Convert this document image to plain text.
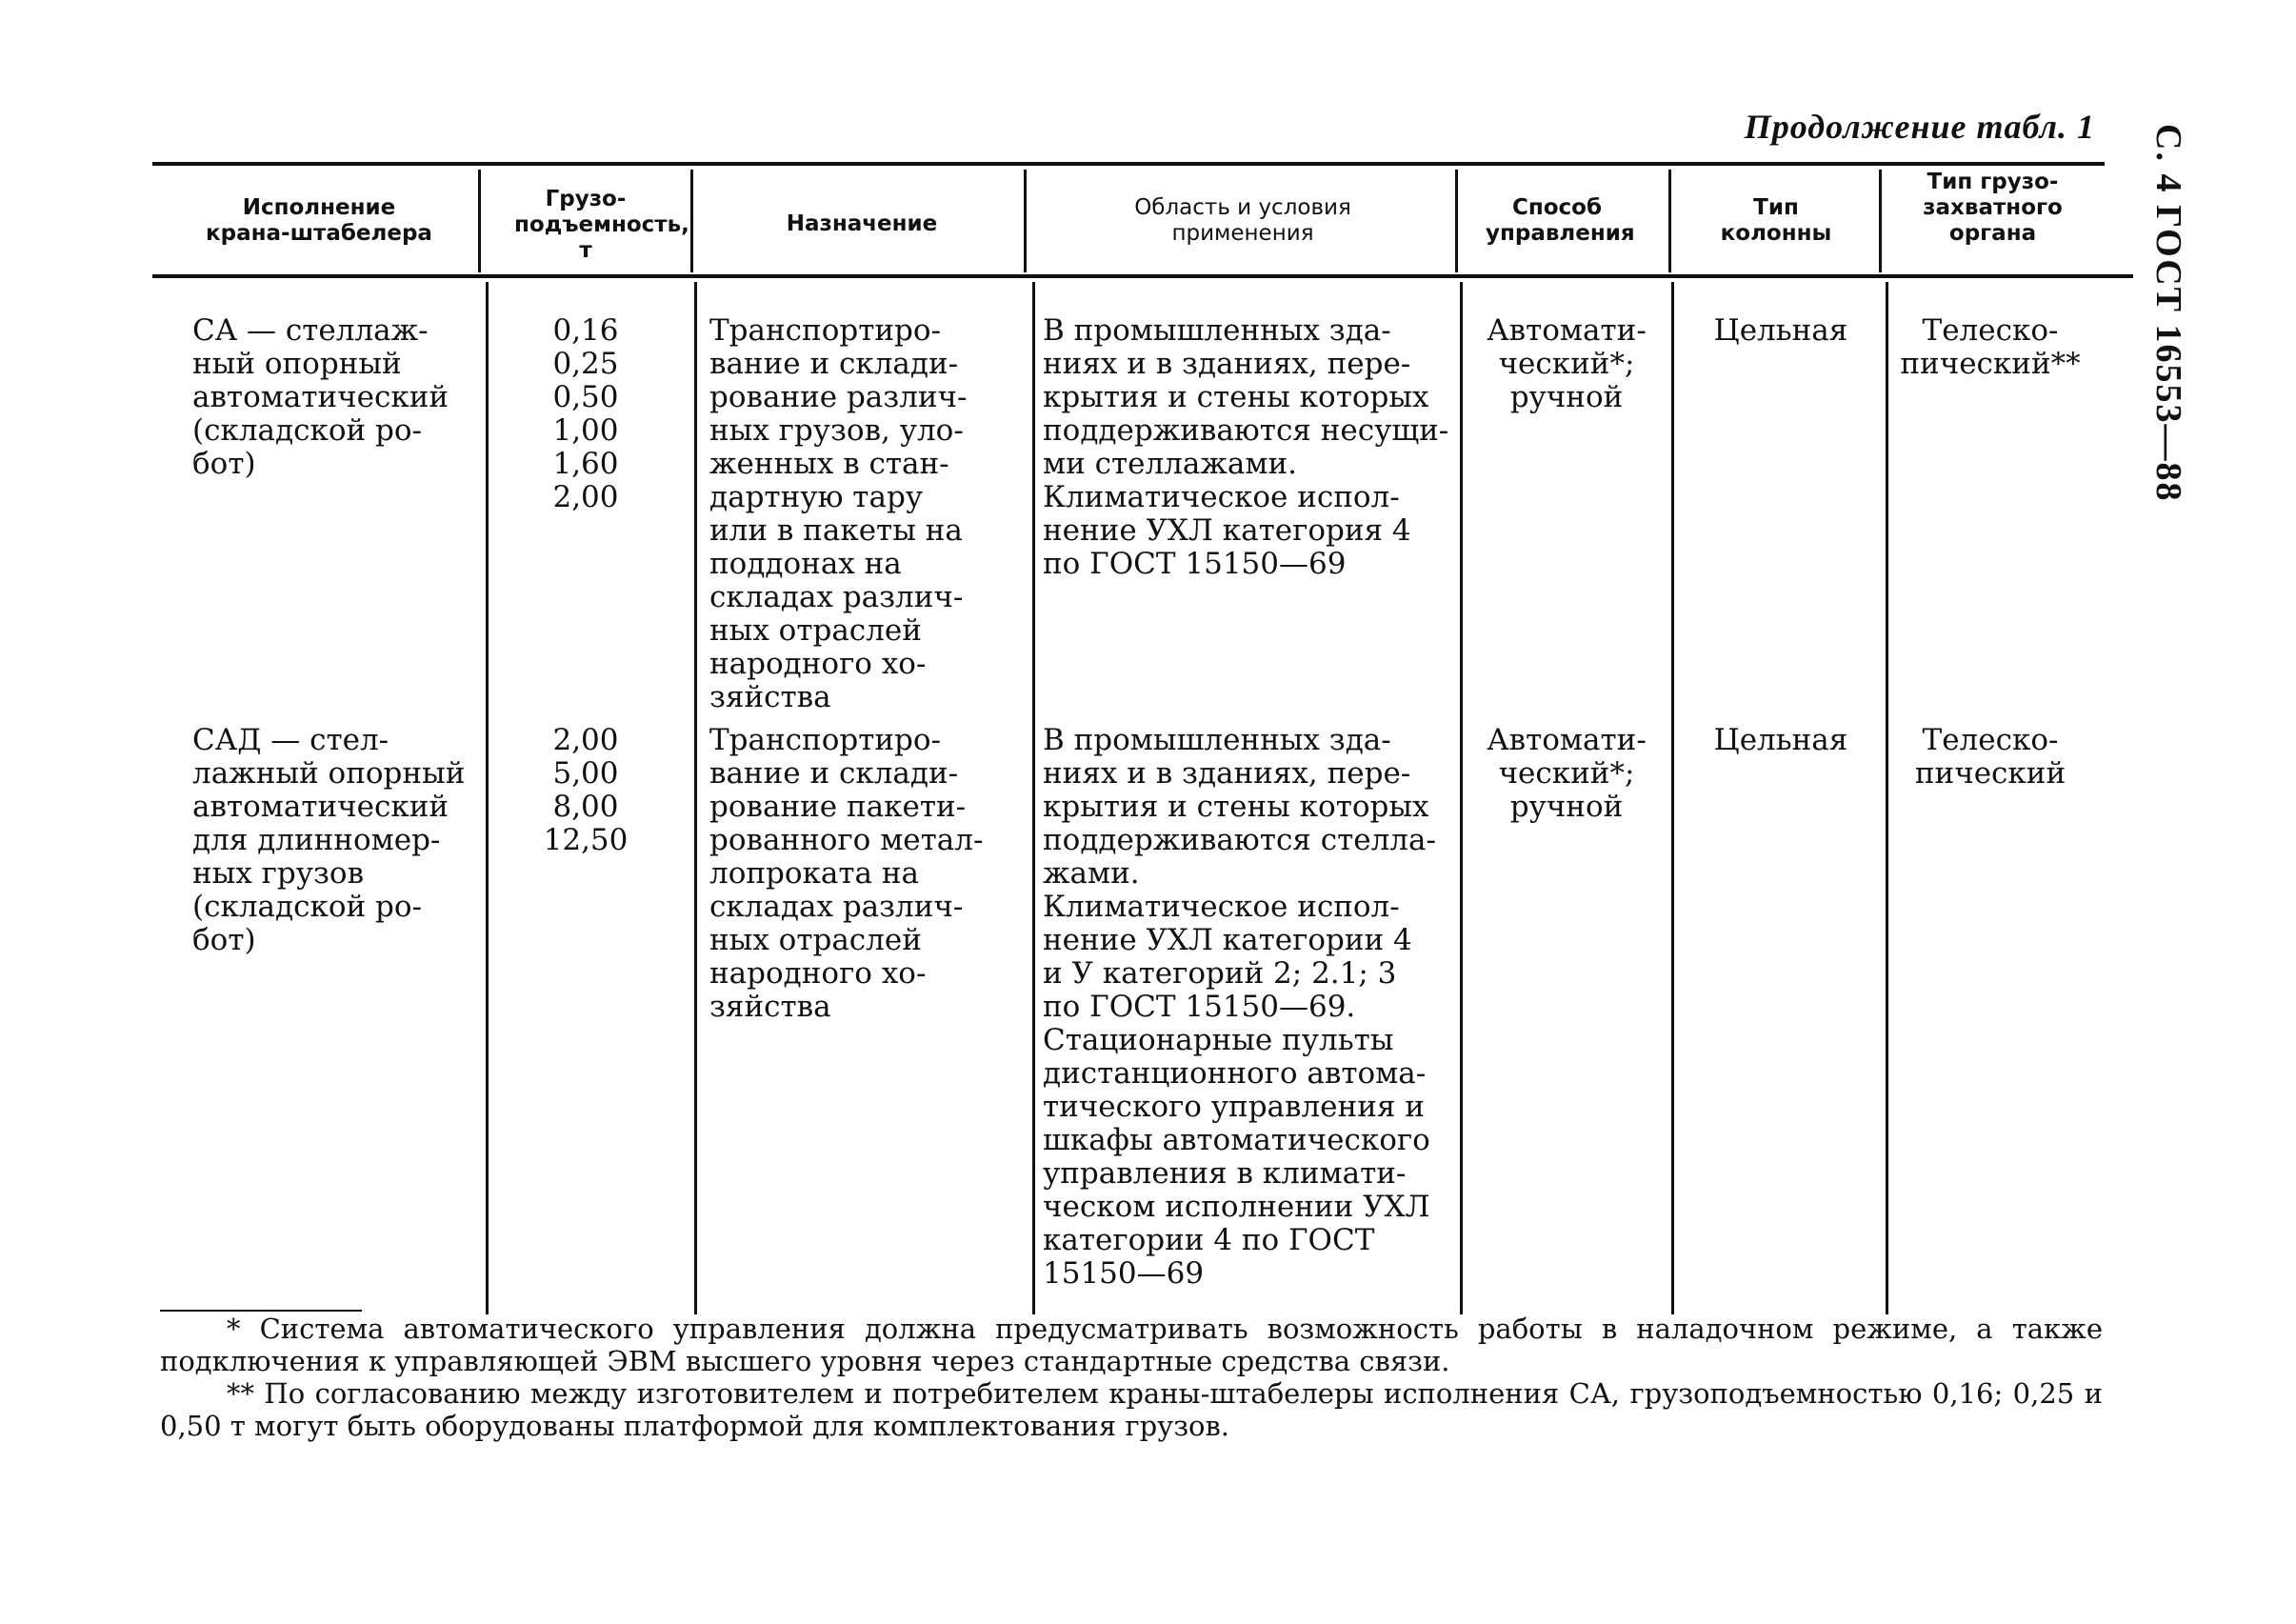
Продолжение табл. 1 С. 4 ГОСТ 16553—88
Исполнение крана-штабелера
Грузо-подъемность, т
Назначение
Область и условия применения
Способ управления
Тип колонны
Тип грузо-захватного органа
СА — стеллаж-
ный опорный
автоматический
(складской ро-
бот)
0,16
0,25
0,50
1,00
1,60
2,00
Транспортиро-
вание и склади-
рование различ-
ных грузов, уло-
женных в стан-
дартную тару
или в пакеты на
поддонах на
складах различ-
ных отраслей
народного хо-
зяйства
В промышленных зда-
ниях и в зданиях, пере-
крытия и стены которых
поддерживаются несущи-
ми стеллажами.
Климатическое испол-
нение УХЛ категория 4
по ГОСТ 15150—69
Автомати-
ческий*;
ручной
Цельная	Телеско-
пический**
САД — стел-
лажный опорный
автоматический
для длинномер-
ных грузов
(складской ро-
бот)
2,00
5,00
8,00
12,50
Транспортиро-
вание и склади-
рование пакети-
рованного метал-
лопроката на
складах различ-
ных отраслей
народного хо-
зяйства
В промышленных зда-
ниях и в зданиях, пере-
крытия и стены которых
поддерживаются стелла-
жами.
Климатическое испол-
нение УХЛ категории 4
и У категорий 2; 2.1; 3
по ГОСТ 15150—69.
Стационарные пульты
дистанционного автома-
тического управления и
шкафы автоматического
управления в климати-
ческом исполнении УХЛ
категории 4 по ГОСТ
15150—69
Автомати-
ческий*;
ручной
Цельная	Телеско-
пический

* Система автоматического управления должна предусматривать возможность работы в наладочном режиме, а также подключения к управляющей ЭВМ высшего уровня через стандартные средства связи.

** По согласованию между изготовителем и потребителем краны-штабелеры исполнения СА, грузоподъемностью 0,16; 0,25 и 0,50 т могут быть оборудованы платформой для комплектования грузов.
